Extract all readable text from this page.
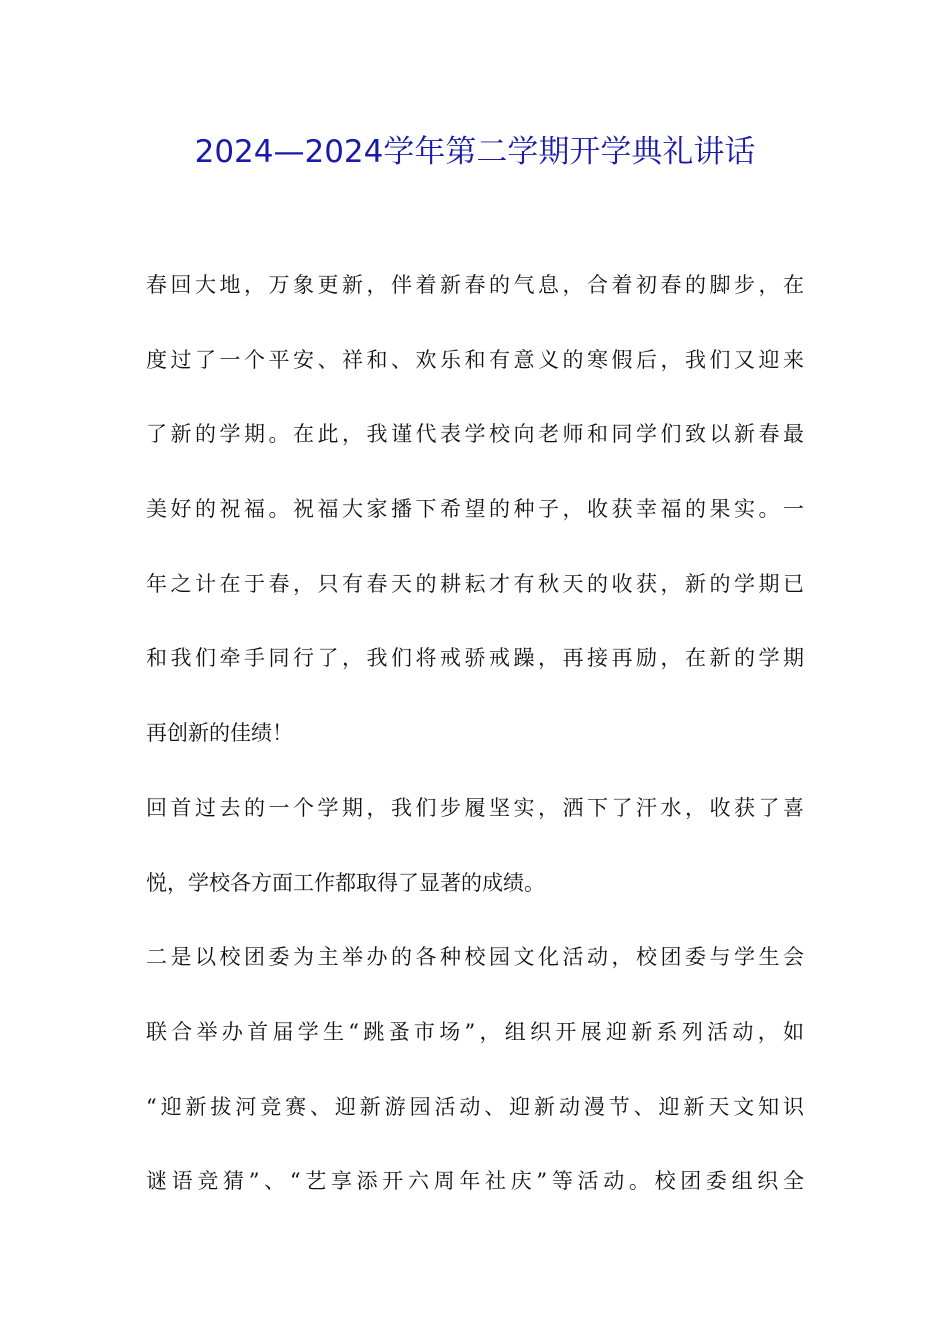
2024—2024学年第二学期开学典礼讲话
春回大地，万象更新，伴着新春的气息，合着初春的脚步，在
度过了一个平安、祥和、欢乐和有意义的寒假后，我们又迎来
了新的学期。在此，我谨代表学校向老师和同学们致以新春最
美好的祝福。祝福大家播下希望的种子，收获幸福的果实。一
年之计在于春，只有春天的耕耘才有秋天的收获，新的学期已
和我们牵手同行了，我们将戒骄戒躁，再接再励，在新的学期
再创新的佳绩！
回首过去的一个学期，我们步履坚实，洒下了汗水，收获了喜
悦，学校各方面工作都取得了显著的成绩。
二是以校团委为主举办的各种校园文化活动，校团委与学生会
联合举办首届学生“跳蚤市场”，组织开展迎新系列活动，如
“迎新拔河竞赛、迎新游园活动、迎新动漫节、迎新天文知识
谜语竞猜”、“艺享添开六周年社庆”等活动。校团委组织全
